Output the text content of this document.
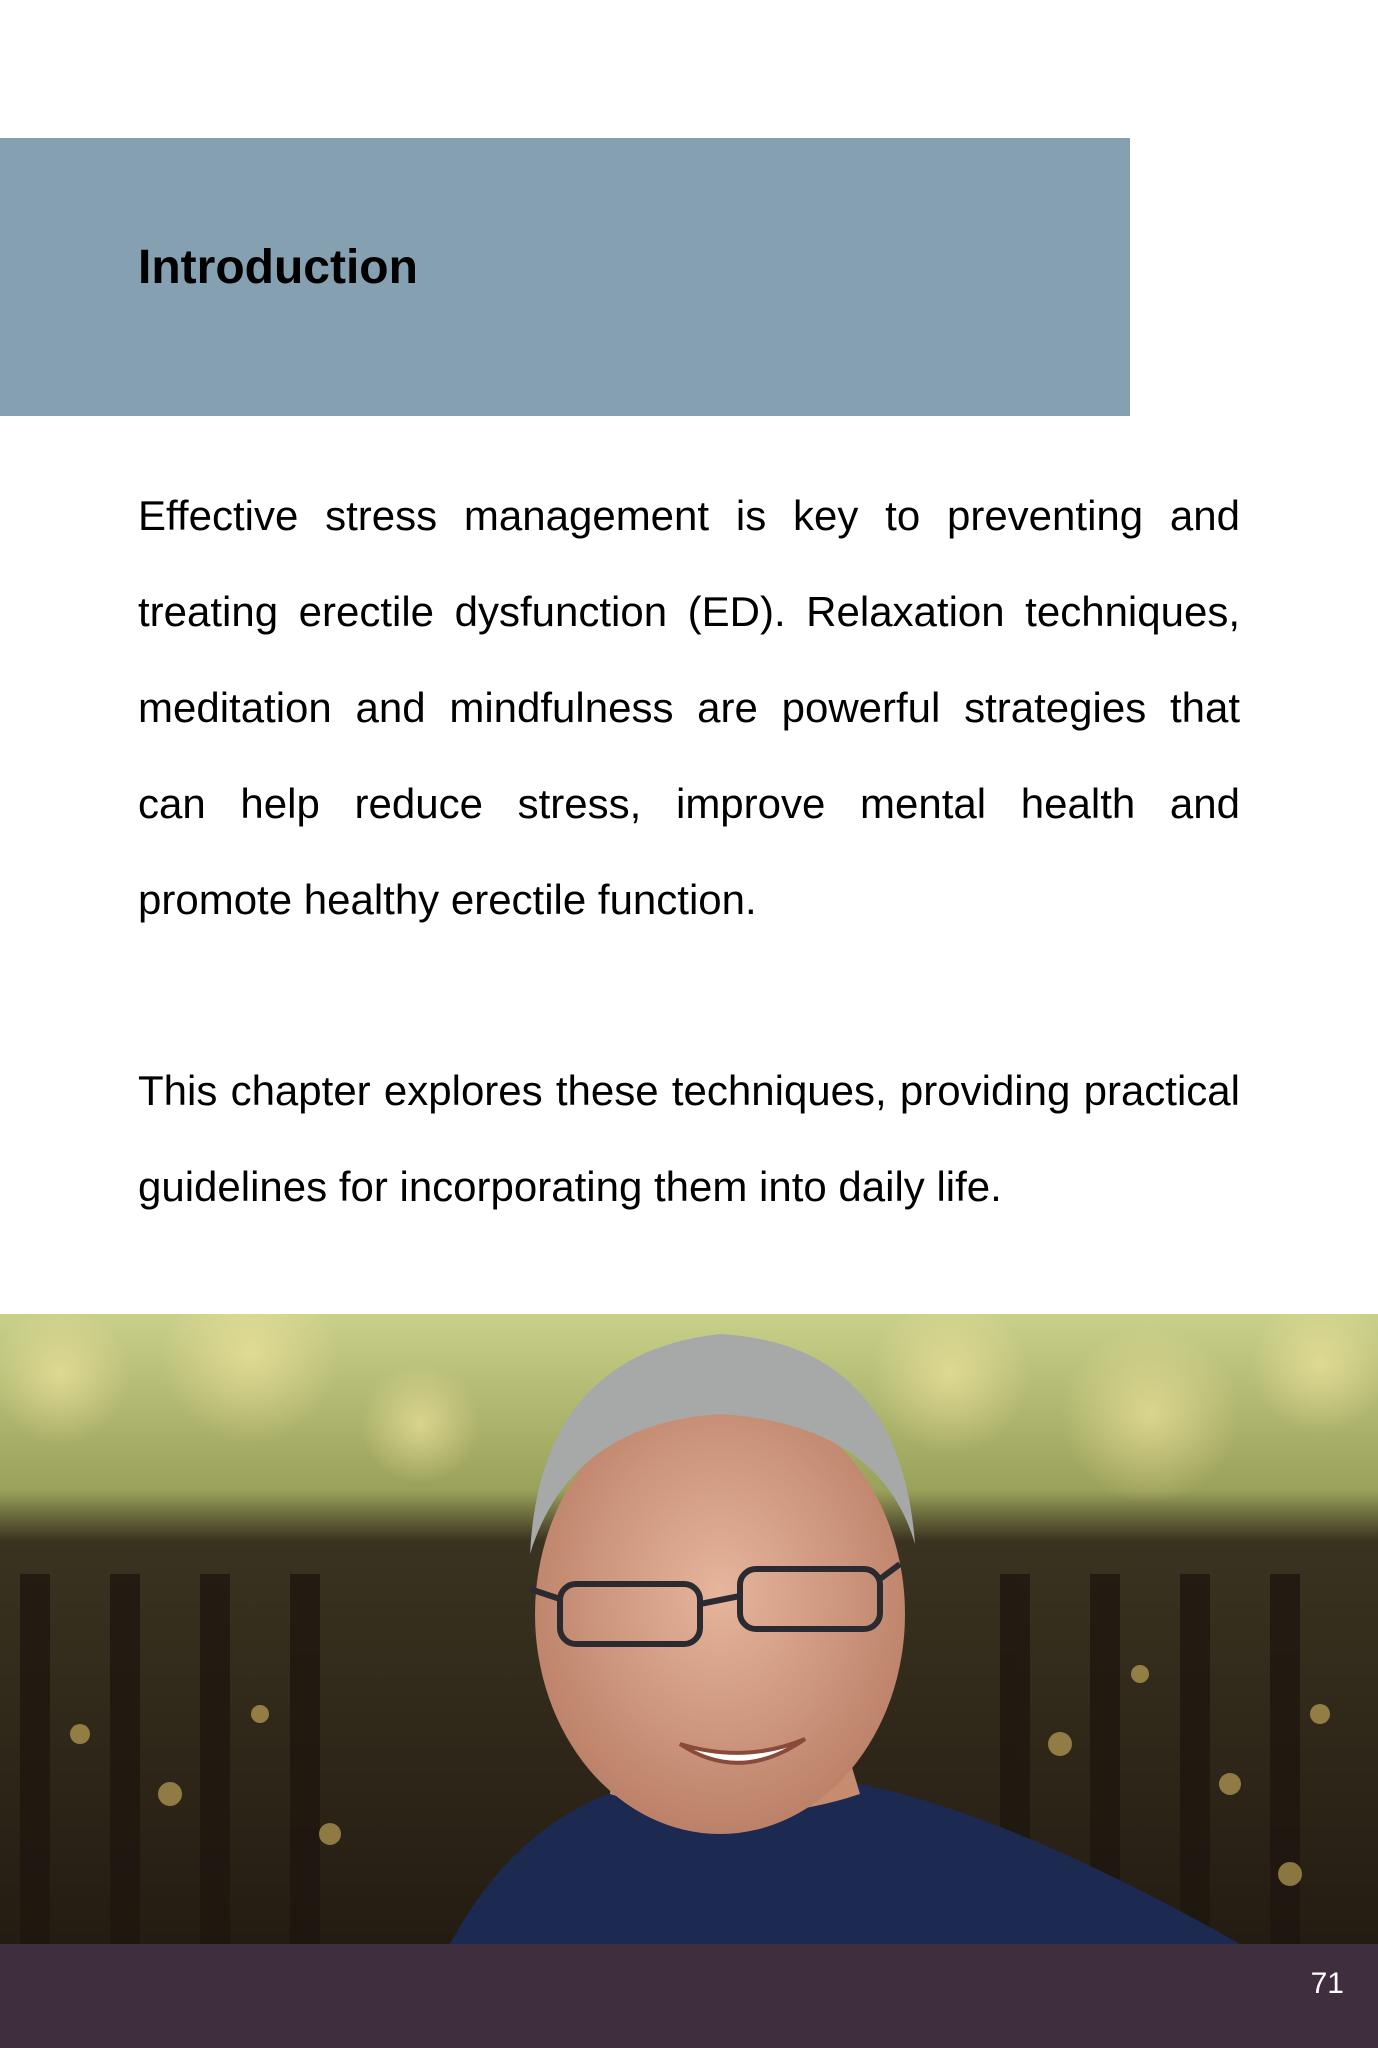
Introduction

Effective stress management is key to preventing and treating erectile dysfunction (ED). Relaxation techniques, meditation and mindfulness are powerful strategies that can help reduce stress, improve mental health and promote healthy erectile function.

This chapter explores these techniques, providing practical guidelines for incorporating them into daily life.

71
